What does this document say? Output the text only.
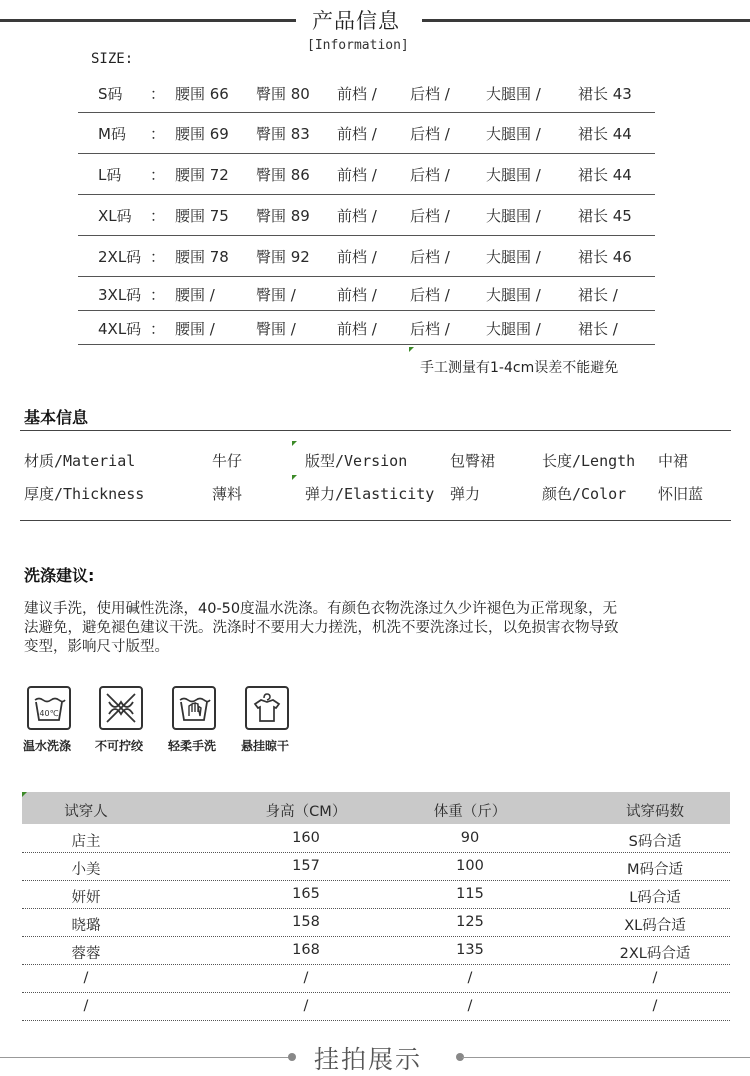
产品信息
[Information]
SIZE:
S码 ： 腰围 66 臀围 80 前档 / 后档 / 大腿围 / 裙长 43
M码 ： 腰围 69 臀围 83 前档 / 后档 / 大腿围 / 裙长 44
L码 ： 腰围 72 臀围 86 前档 / 后档 / 大腿围 / 裙长 44
XL码 ： 腰围 75 臀围 89 前档 / 后档 / 大腿围 / 裙长 45
2XL码 ： 腰围 78 臀围 92 前档 / 后档 / 大腿围 / 裙长 46
3XL码 ： 腰围 /	臀围 /	前档 / 后档 / 大腿围 / 裙长 /
4XL码 ： 腰围 /	臀围 /	前档 / 后档 / 大腿围 / 裙长 /
手工测量有1-4cm误差不能避免
基本信息
材质/Material	牛仔	版型/Version	包臀裙	长度/Length 中裙
厚度/Thickness	薄料	弹力/Elasticity 弹力	颜色/Color 怀旧蓝
洗涤建议:
建议手洗，使用碱性洗涤，40-50度温水洗涤。有颜色衣物洗涤过久少许褪色为正常现象，无
法避免，避免褪色建议干洗。洗涤时不要用大力搓洗，机洗不要洗涤过长，以免损害衣物导致
变型，影响尺寸版型。
40℃
温水洗涤 不可拧绞 轻柔手洗 悬挂晾干
试穿人	身高（CM）	体重（斤）	试穿码数
店主	160	90	S码合适
小美	157	100	M码合适
妍妍	165	115	L码合适
晓璐	158	125	XL码合适
蓉蓉	168	135	2XL码合适
/	/	/	/
/	/	/	/
挂拍展示
